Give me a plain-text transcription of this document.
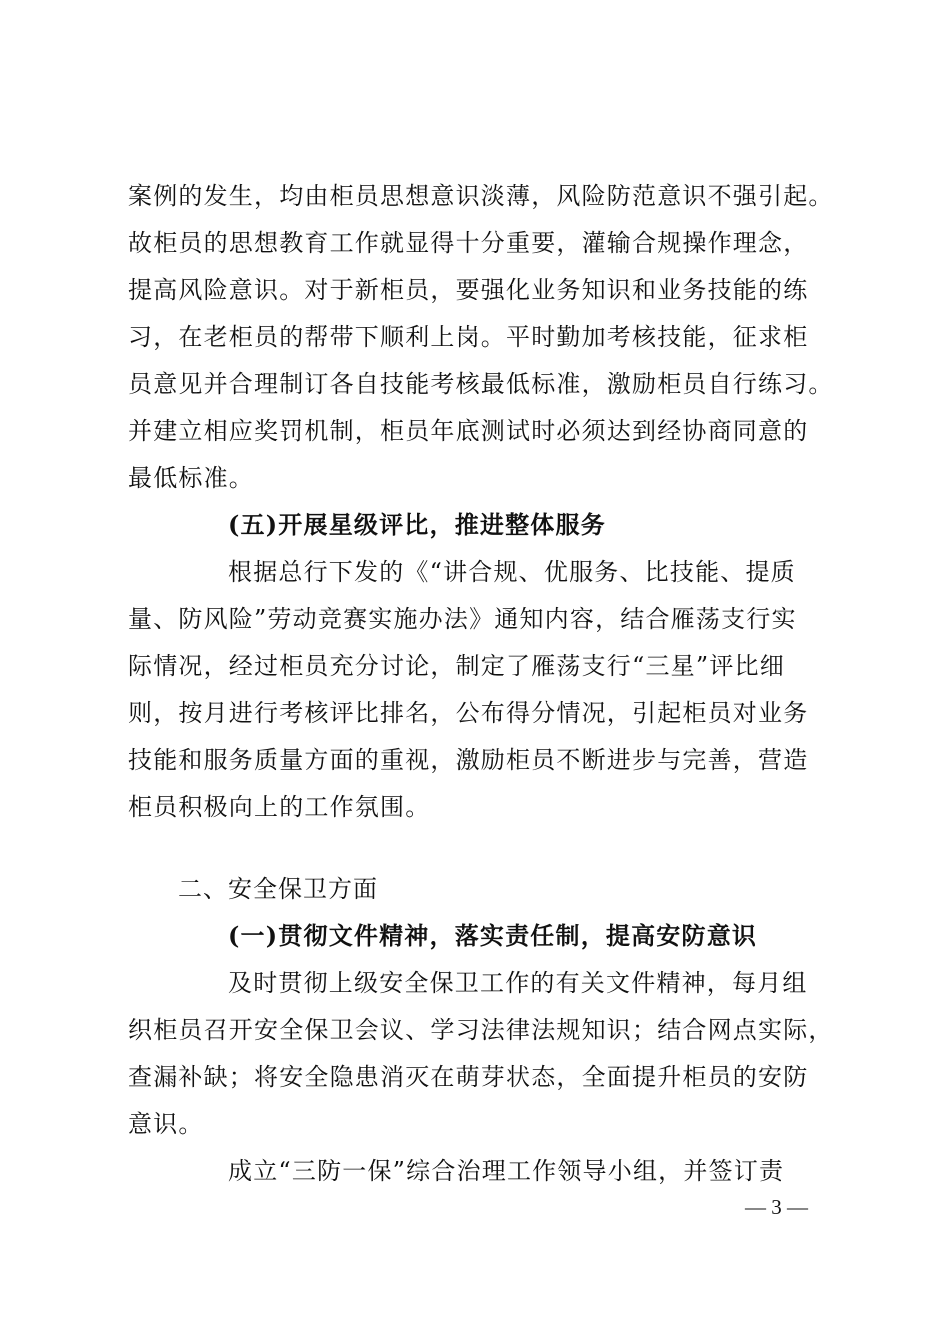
案例的发生，均由柜员思想意识淡薄，风险防范意识不强引起。
故柜员的思想教育工作就显得十分重要，灌输合规操作理念，
提高风险意识。对于新柜员，要强化业务知识和业务技能的练
习，在老柜员的帮带下顺利上岗。平时勤加考核技能，征求柜
员意见并合理制订各自技能考核最低标准，激励柜员自行练习。
并建立相应奖罚机制，柜员年底测试时必须达到经协商同意的
最低标准。
(五)开展星级评比，推进整体服务
根据总行下发的《“讲合规、优服务、比技能、提质
量、防风险”劳动竞赛实施办法》通知内容，结合雁荡支行实
际情况，经过柜员充分讨论，制定了雁荡支行“三星”评比细
则，按月进行考核评比排名，公布得分情况，引起柜员对业务
技能和服务质量方面的重视，激励柜员不断进步与完善，营造
柜员积极向上的工作氛围。
二、安全保卫方面
(一)贯彻文件精神，落实责任制，提高安防意识
及时贯彻上级安全保卫工作的有关文件精神，每月组
织柜员召开安全保卫会议、学习法律法规知识；结合网点实际，
查漏补缺；将安全隐患消灭在萌芽状态，全面提升柜员的安防
意识。
成立“三防一保”综合治理工作领导小组，并签订责
— 3 —
